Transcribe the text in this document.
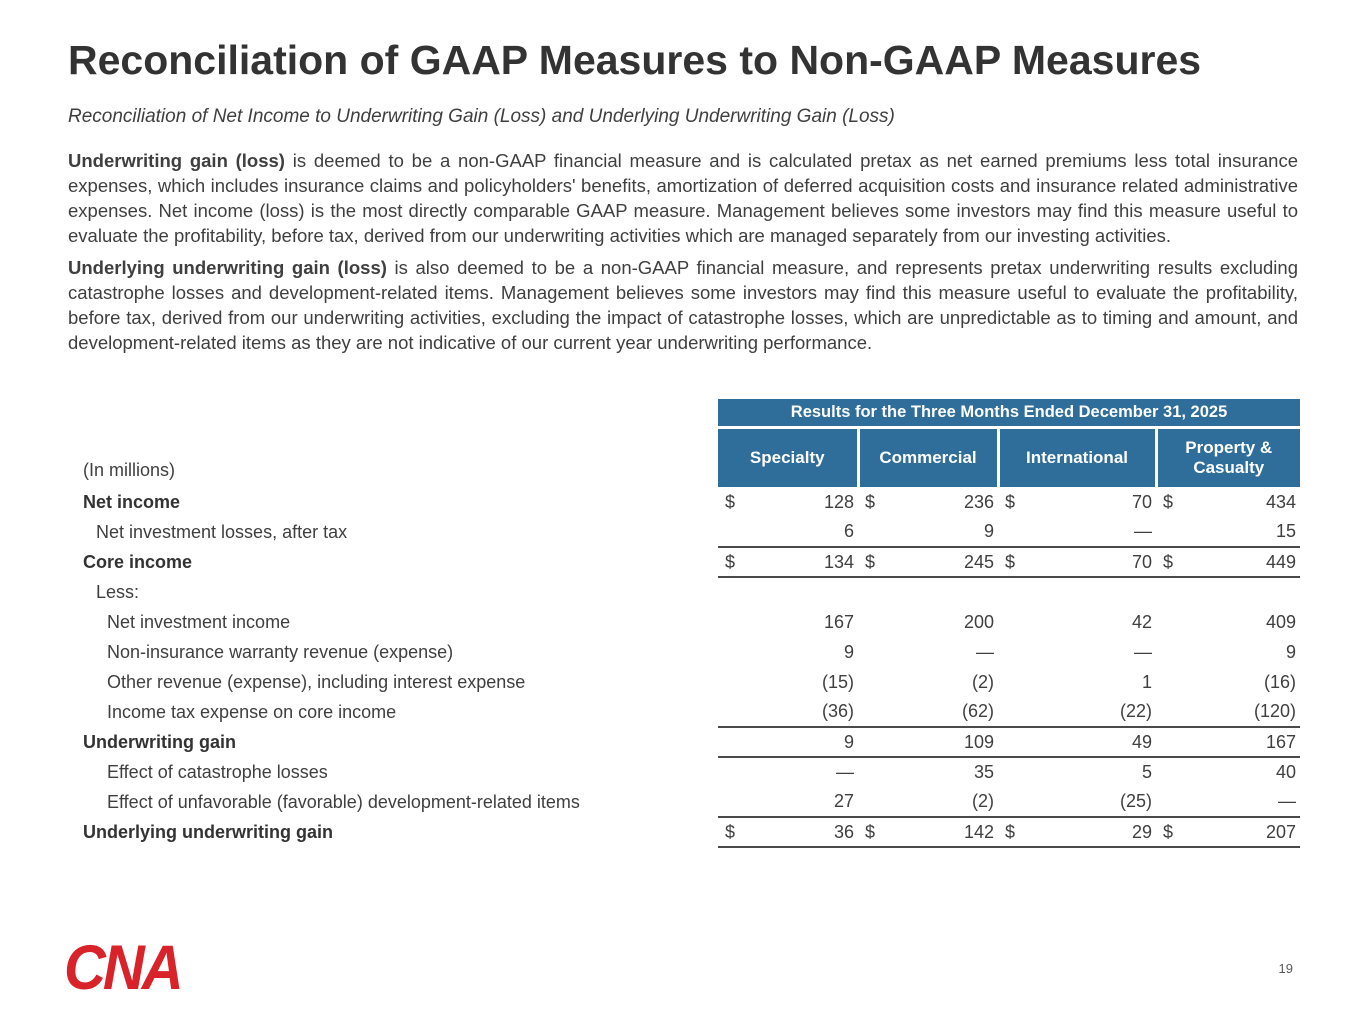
Reconciliation of GAAP Measures to Non-GAAP Measures

Reconciliation of Net Income to Underwriting Gain (Loss) and Underlying Underwriting Gain (Loss)

Underwriting gain (loss) is deemed to be a non-GAAP financial measure and is calculated pretax as net earned premiums less total insurance expenses, which includes insurance claims and policyholders' benefits, amortization of deferred acquisition costs and insurance related administrative expenses. Net income (loss) is the most directly comparable GAAP measure. Management believes some investors may find this measure useful to evaluate the profitability, before tax, derived from our underwriting activities which are managed separately from our investing activities.

Underlying underwriting gain (loss) is also deemed to be a non-GAAP financial measure, and represents pretax underwriting results excluding catastrophe losses and development-related items. Management believes some investors may find this measure useful to evaluate the profitability, before tax, derived from our underwriting activities, excluding the impact of catastrophe losses, which are unpredictable as to timing and amount, and development-related items as they are not indicative of our current year underwriting performance.

	Results for the Three Months Ended December 31, 2025			
(In millions)	Specialty	Commercial	International	Property & Casualty
Net income	$ 128	$ 236	$ 70	$ 434

Net investment losses, after tax	6	9	—	15

Core income	$ 134	$ 245	$ 70	$ 449

Less:	

Net investment income	167	200	42	409

Non-insurance warranty revenue (expense)	9	—	—	9

Other revenue (expense), including interest expense	(15)	(2)	1	(16)

Income tax expense on core income	(36)	(62)	(22)	(120)

Underwriting gain	9	109	49	167

Effect of catastrophe losses	—	35	5	40

Effect of unfavorable (favorable) development-related items	27	(2)	(25)	—

Underlying underwriting gain	$ 36	$ 142	$ 29	$ 207
CNA	19
